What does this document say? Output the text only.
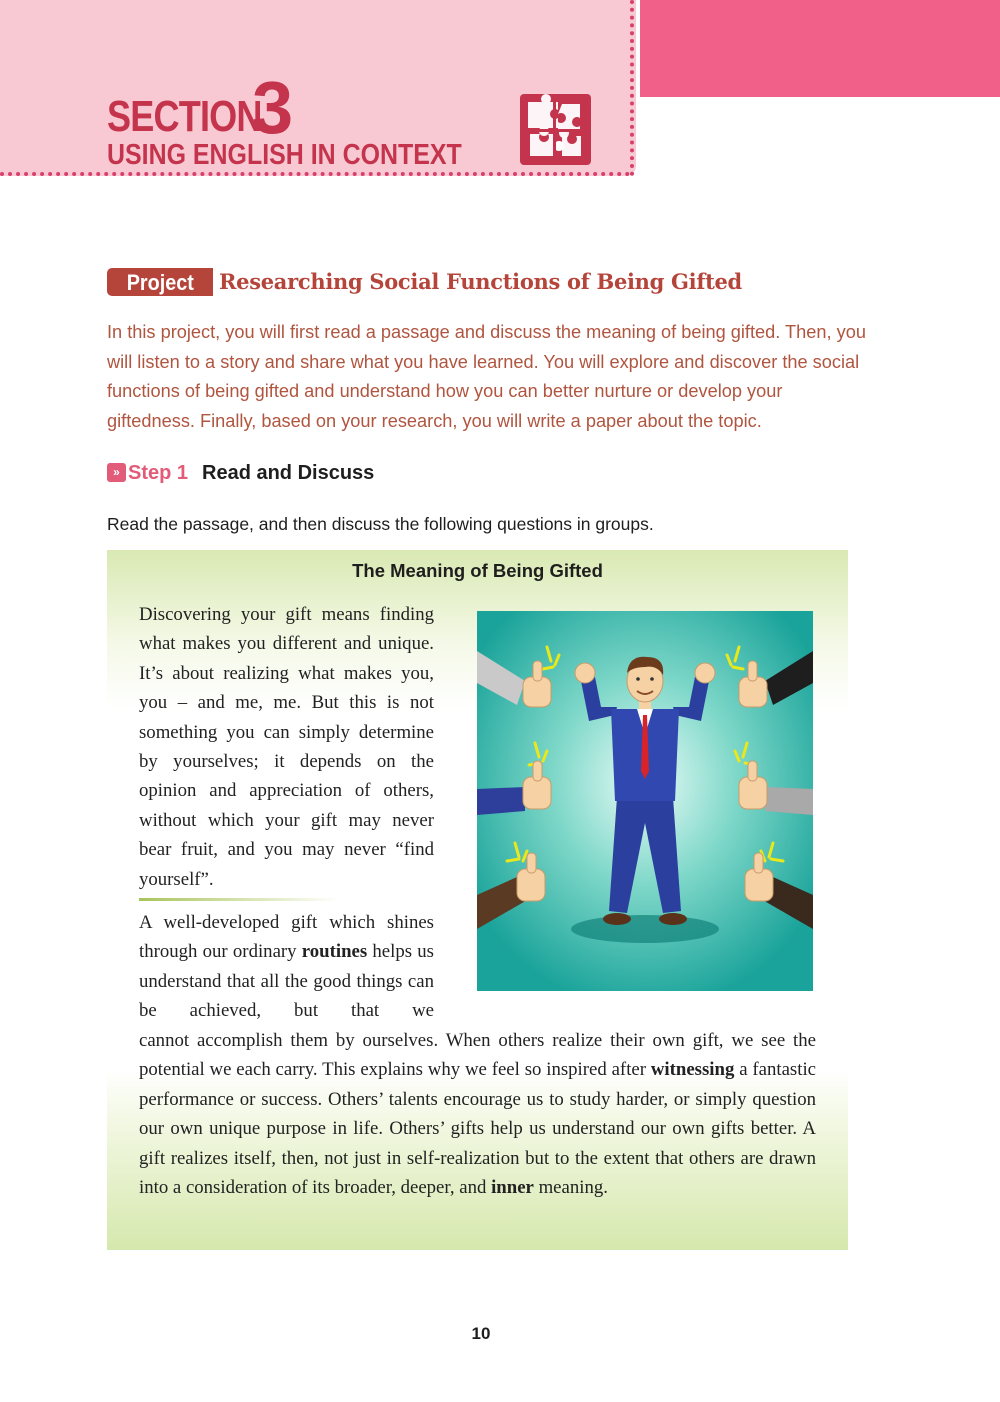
SECTION
3
USING ENGLISH IN CONTEXT
Project	Researching Social Functions of Being Gifted

In this project, you will first read a passage and discuss the meaning of being gifted. Then, you will listen to a story and share what you have learned. You will explore and discover the social functions of being gifted and understand how you can better nurture or develop your giftedness. Finally, based on your research, you will write a paper about the topic.

» Step 1 Read and Discuss
Read the passage, and then discuss the following questions in groups.
The Meaning of Being Gifted

Discovering your gift means finding what makes you different and unique. It’s about realizing what makes you, you – and me, me. But this is not something you can simply determine by yourselves; it depends on the opinion and appreciation of others, without which your gift may never bear fruit, and you may never “find yourself”.

A well-developed gift which shines through our ordinary routines helps us understand that all the good things can be achieved, but that we

cannot accomplish them by ourselves. When others realize their own gift, we see the potential we each carry. This explains why we feel so inspired after witnessing a fantastic performance or success. Others’ talents encourage us to study harder, or simply question our own unique purpose in life. Others’ gifts help us understand our own gifts better. A gift realizes itself, then, not just in self-realization but to the extent that others are drawn into a consideration of its broader, deeper, and inner meaning.

10
